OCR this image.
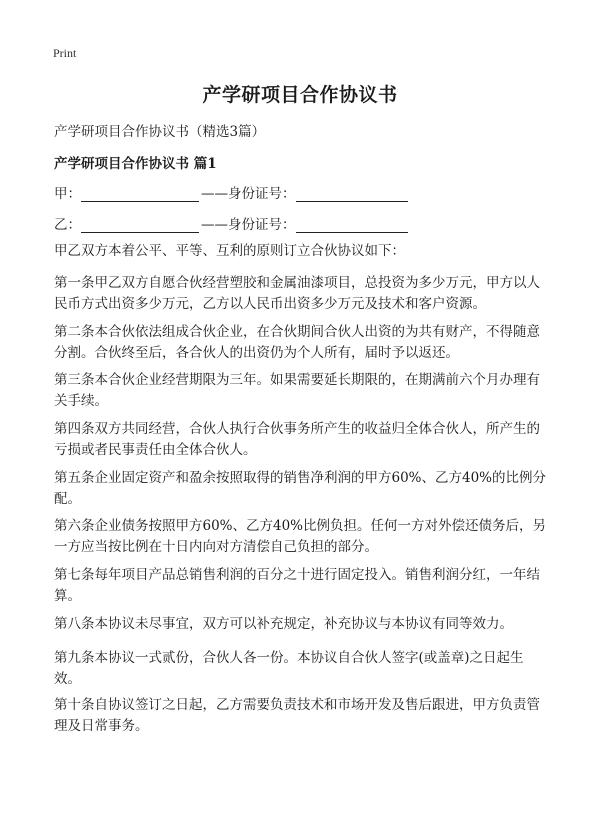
Print
产学研项目合作协议书
产学研项目合作协议书（精选3篇）
产学研项目合作协议书 篇1
甲：	—— 身份证号：
乙：	—— 身份证号：
甲乙双方本着公平、平等、互利的原则订立合伙协议如下：
第一条甲乙双方自愿合伙经营塑胶和金属油漆项目，总投资为多少万元，甲方以人民币方式出资多少万元，乙方以人民币出资多少万元及技术和客户资源。
第二条本合伙依法组成合伙企业，在合伙期间合伙人出资的为共有财产，不得随意分割。合伙终至后，各合伙人的出资仍为个人所有，届时予以返还。
第三条本合伙企业经营期限为三年。如果需要延长期限的，在期满前六个月办理有关手续。
第四条双方共同经营，合伙人执行合伙事务所产生的收益归全体合伙人，所产生的亏损或者民事责任由全体合伙人。
第五条企业固定资产和盈余按照取得的销售净利润的甲方60%、乙方40%的比例分配。
第六条企业债务按照甲方60%、乙方40%比例负担。任何一方对外偿还债务后，另一方应当按比例在十日内向对方清偿自己负担的部分。
第七条每年项目产品总销售利润的百分之十进行固定投入。销售利润分红，一年结算。
第八条本协议未尽事宜，双方可以补充规定，补充协议与本协议有同等效力。
第九条本协议一式贰份，合伙人各一份。本协议自合伙人签字(或盖章)之日起生效。
第十条自协议签订之日起，乙方需要负责技术和市场开发及售后跟进，甲方负责管理及日常事务。
